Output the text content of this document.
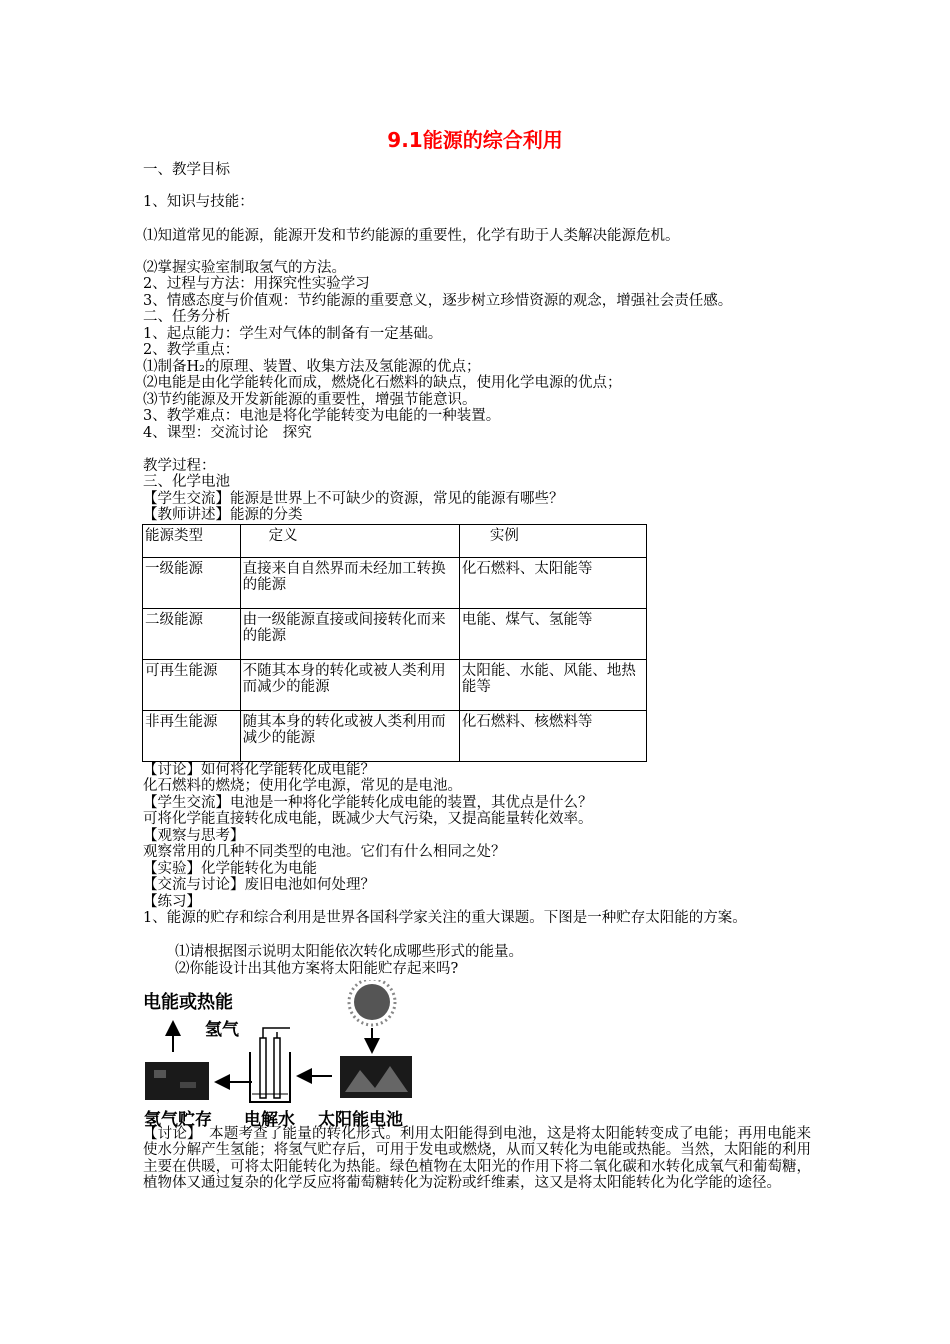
9.1能源的综合利用
一、教学目标
1、知识与技能：
⑴知道常见的能源，能源开发和节约能源的重要性，化学有助于人类解决能源危机。
⑵掌握实验室制取氢气的方法。
2、过程与方法：用探究性实验学习
3、情感态度与价值观：节约能源的重要意义，逐步树立珍惜资源的观念，增强社会责任感。
二、任务分析
1、起点能力：学生对气体的制备有一定基础。
2、教学重点：
⑴制备H₂的原理、装置、收集方法及氢能源的优点；
⑵电能是由化学能转化而成，燃烧化石燃料的缺点，使用化学电源的优点；
⑶节约能源及开发新能源的重要性，增强节能意识。
3、教学难点：电池是将化学能转变为电能的一种装置。
4、课型：交流讨论　探究
教学过程：
三、化学电池
【学生交流】能源是世界上不可缺少的资源，常见的能源有哪些？
【教师讲述】能源的分类
能源类型	定义	实例
一级能源	直接来自自然界而未经加工转换的能源	化石燃料、太阳能等
二级能源	由一级能源直接或间接转化而来的能源	电能、煤气、氢能等
可再生能源	不随其本身的转化或被人类利用而减少的能源	太阳能、水能、风能、地热能等
非再生能源	随其本身的转化或被人类利用而减少的能源	化石燃料、核燃料等
【讨论】如何将化学能转化成电能？
化石燃料的燃烧；使用化学电源，常见的是电池。
【学生交流】电池是一种将化学能转化成电能的装置，其优点是什么？
可将化学能直接转化成电能，既减少大气污染，又提高能量转化效率。
【观察与思考】
观察常用的几种不同类型的电池。它们有什么相同之处？
【实验】化学能转化为电能
【交流与讨论】废旧电池如何处理？
【练习】
1、能源的贮存和综合利用是世界各国科学家关注的重大课题。下图是一种贮存太阳能的方案。
⑴请根据图示说明太阳能依次转化成哪些形式的能量。
⑵你能设计出其他方案将太阳能贮存起来吗?
电能或热能
氢气
氢气贮存 电解水 太阳能电池
【讨论】　本题考查了能量的转化形式。利用太阳能得到电池，这是将太阳能转变成了电能；再用电能来使水分解产生氢能；将氢气贮存后，可用于发电或燃烧，从而又转化为电能或热能。当然，太阳能的利用主要在供暖，可将太阳能转化为热能。绿色植物在太阳光的作用下将二氧化碳和水转化成氧气和葡萄糖，植物体又通过复杂的化学反应将葡萄糖转化为淀粉或纤维素，这又是将太阳能转化为化学能的途径。
